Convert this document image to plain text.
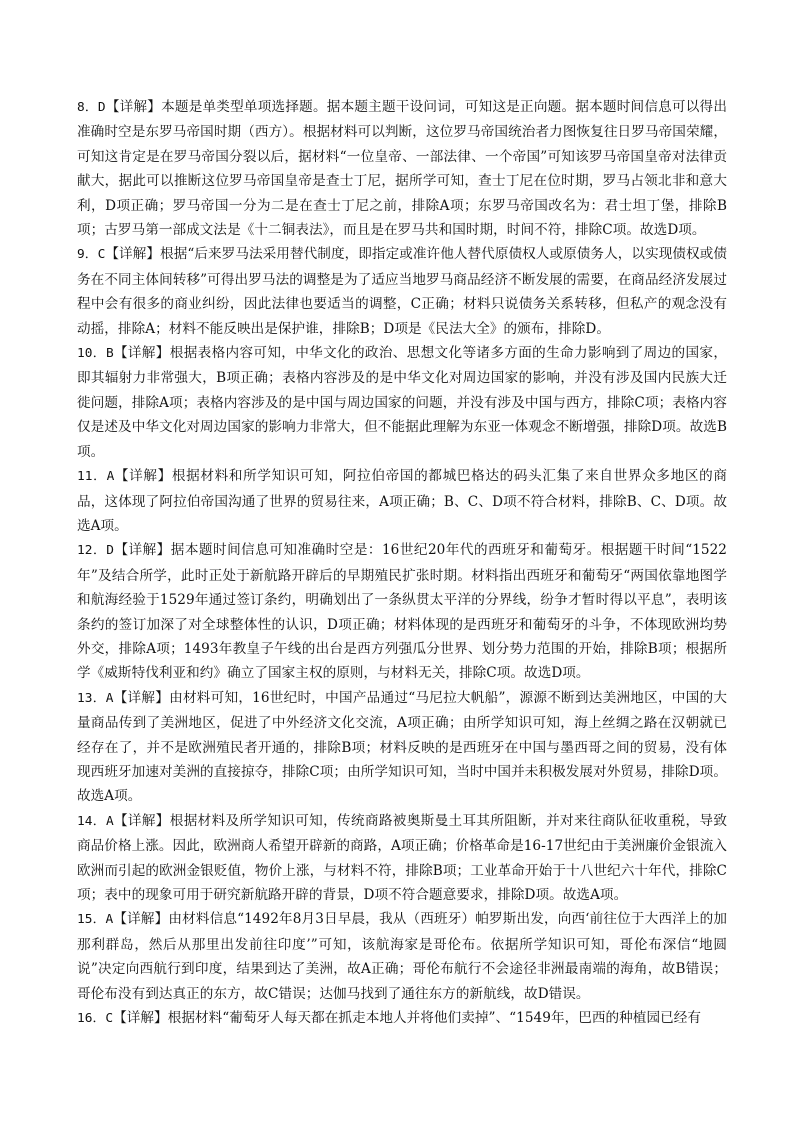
8．D【详解】本题是单类型单项选择题。据本题主题干设问词，可知这是正向题。据本题时间信息可以得出准确时空是东罗马帝国时期（西方）。根据材料可以判断，这位罗马帝国统治者力图恢复往日罗马帝国荣耀，可知这肯定是在罗马帝国分裂以后，据材料“一位皇帝、一部法律、一个帝国”可知该罗马帝国皇帝对法律贡献大，据此可以推断这位罗马帝国皇帝是查士丁尼，据所学可知，查士丁尼在位时期，罗马占领北非和意大利，D项正确；罗马帝国一分为二是在查士丁尼之前，排除A项；东罗马帝国改名为：君士坦丁堡，排除B项；古罗马第一部成文法是《十二铜表法》，而且是在罗马共和国时期，时间不符，排除C项。故选D项。

9．C【详解】根据“后来罗马法采用替代制度，即指定或准许他人替代原债权人或原债务人，以实现债权或债务在不同主体间转移”可得出罗马法的调整是为了适应当地罗马商品经济不断发展的需要，在商品经济发展过程中会有很多的商业纠纷，因此法律也要适当的调整，C正确；材料只说债务关系转移，但私产的观念没有动摇，排除A；材料不能反映出是保护谁，排除B；D项是《民法大全》的颁布，排除D。

10．B【详解】根据表格内容可知，中华文化的政治、思想文化等诸多方面的生命力影响到了周边的国家，即其辐射力非常强大，B项正确；表格内容涉及的是中华文化对周边国家的影响，并没有涉及国内民族大迁徙问题，排除A项；表格内容涉及的是中国与周边国家的问题，并没有涉及中国与西方，排除C项；表格内容仅是述及中华文化对周边国家的影响力非常大，但不能据此理解为东亚一体观念不断增强，排除D项。故选B项。

11．A【详解】根据材料和所学知识可知，阿拉伯帝国的都城巴格达的码头汇集了来自世界众多地区的商品，这体现了阿拉伯帝国沟通了世界的贸易往来，A项正确；B、C、D项不符合材料，排除B、C、D项。故选A项。

12．D【详解】据本题时间信息可知准确时空是：16世纪20年代的西班牙和葡萄牙。根据题干时间“1522年”及结合所学，此时正处于新航路开辟后的早期殖民扩张时期。材料指出西班牙和葡萄牙“两国依靠地图学和航海经验于1529年通过签订条约，明确划出了一条纵贯太平洋的分界线，纷争才暂时得以平息”，表明该条约的签订加深了对全球整体性的认识，D项正确；材料体现的是西班牙和葡萄牙的斗争，不体现欧洲均势外交，排除A项；1493年教皇子午线的出台是西方列强瓜分世界、划分势力范围的开始，排除B项；根据所学《威斯特伐利亚和约》确立了国家主权的原则，与材料无关，排除C项。故选D项。

13．A【详解】由材料可知，16世纪时，中国产品通过“马尼拉大帆船”，源源不断到达美洲地区，中国的大量商品传到了美洲地区，促进了中外经济文化交流，A项正确；由所学知识可知，海上丝绸之路在汉朝就已经存在了，并不是欧洲殖民者开通的，排除B项；材料反映的是西班牙在中国与墨西哥之间的贸易，没有体现西班牙加速对美洲的直接掠夺，排除C项；由所学知识可知，当时中国并未积极发展对外贸易，排除D项。故选A项。

14．A【详解】根据材料及所学知识可知，传统商路被奥斯曼土耳其所阻断，并对来往商队征收重税，导致商品价格上涨。因此，欧洲商人希望开辟新的商路，A项正确；价格革命是16-17世纪由于美洲廉价金银流入欧洲而引起的欧洲金银贬值，物价上涨，与材料不符，排除B项；工业革命开始于十八世纪六十年代，排除C项；表中的现象可用于研究新航路开辟的背景，D项不符合题意要求，排除D项。故选A项。

15．A【详解】由材料信息“1492年8月3日早晨，我从（西班牙）帕罗斯出发，向西‘前往位于大西洋上的加那利群岛，然后从那里出发前往印度’”可知，该航海家是哥伦布。依据所学知识可知，哥伦布深信“地圆说”决定向西航行到印度，结果到达了美洲，故A正确；哥伦布航行不会途径非洲最南端的海角，故B错误；哥伦布没有到达真正的东方，故C错误；达伽马找到了通往东方的新航线，故D错误。

16．C【详解】根据材料“葡萄牙人每天都在抓走本地人并将他们卖掉”、“1549年，巴西的种植园已经有
